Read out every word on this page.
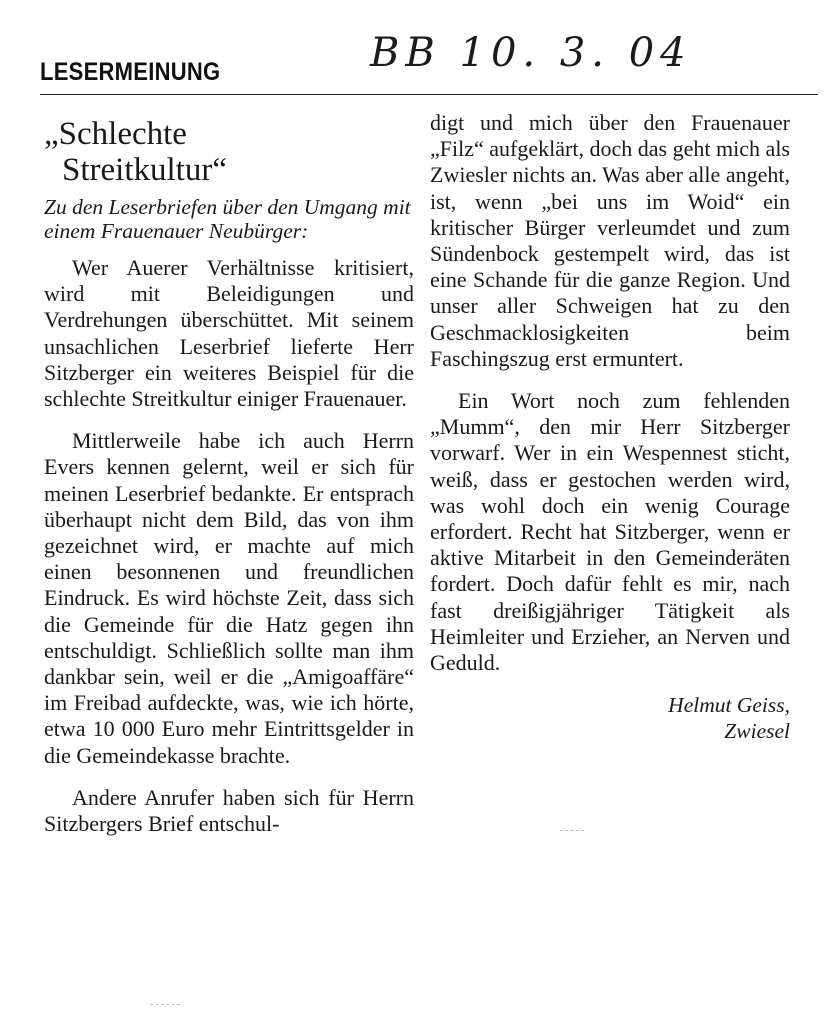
LESERMEINUNG	BB 10. 3. 04
„Schlechte
Streitkultur“

Zu den Leserbriefen über den Umgang mit einem Frauenauer Neubürger:

Wer Auerer Verhältnisse kritisiert, wird mit Beleidigungen und Verdrehungen überschüttet. Mit seinem unsachlichen Leserbrief lieferte Herr Sitzberger ein weiteres Beispiel für die schlechte Streitkultur einiger Frauenauer.

Mittlerweile habe ich auch Herrn Evers kennen gelernt, weil er sich für meinen Leserbrief bedankte. Er entsprach überhaupt nicht dem Bild, das von ihm gezeichnet wird, er machte auf mich einen besonnenen und freundlichen Eindruck. Es wird höchste Zeit, dass sich die Gemeinde für die Hatz gegen ihn entschuldigt. Schließlich sollte man ihm dankbar sein, weil er die „Amigoaffäre“ im Freibad aufdeckte, was, wie ich hörte, etwa 10 000 Euro mehr Eintrittsgelder in die Gemeindekasse brachte.

Andere Anrufer haben sich für Herrn Sitzbergers Brief entschul-

digt und mich über den Frauenauer „Filz“ aufgeklärt, doch das geht mich als Zwiesler nichts an. Was aber alle angeht, ist, wenn „bei uns im Woid“ ein kritischer Bürger verleumdet und zum Sündenbock gestempelt wird, das ist eine Schande für die ganze Region. Und unser aller Schweigen hat zu den Geschmacklosigkeiten beim Faschingszug erst ermuntert.

Ein Wort noch zum fehlenden „Mumm“, den mir Herr Sitzberger vorwarf. Wer in ein Wespennest sticht, weiß, dass er gestochen werden wird, was wohl doch ein wenig Courage erfordert. Recht hat Sitzberger, wenn er aktive Mitarbeit in den Gemeinderäten fordert. Doch dafür fehlt es mir, nach fast dreißigjähriger Tätigkeit als Heimleiter und Erzieher, an Nerven und Geduld.

Helmut Geiss,
Zwiesel
